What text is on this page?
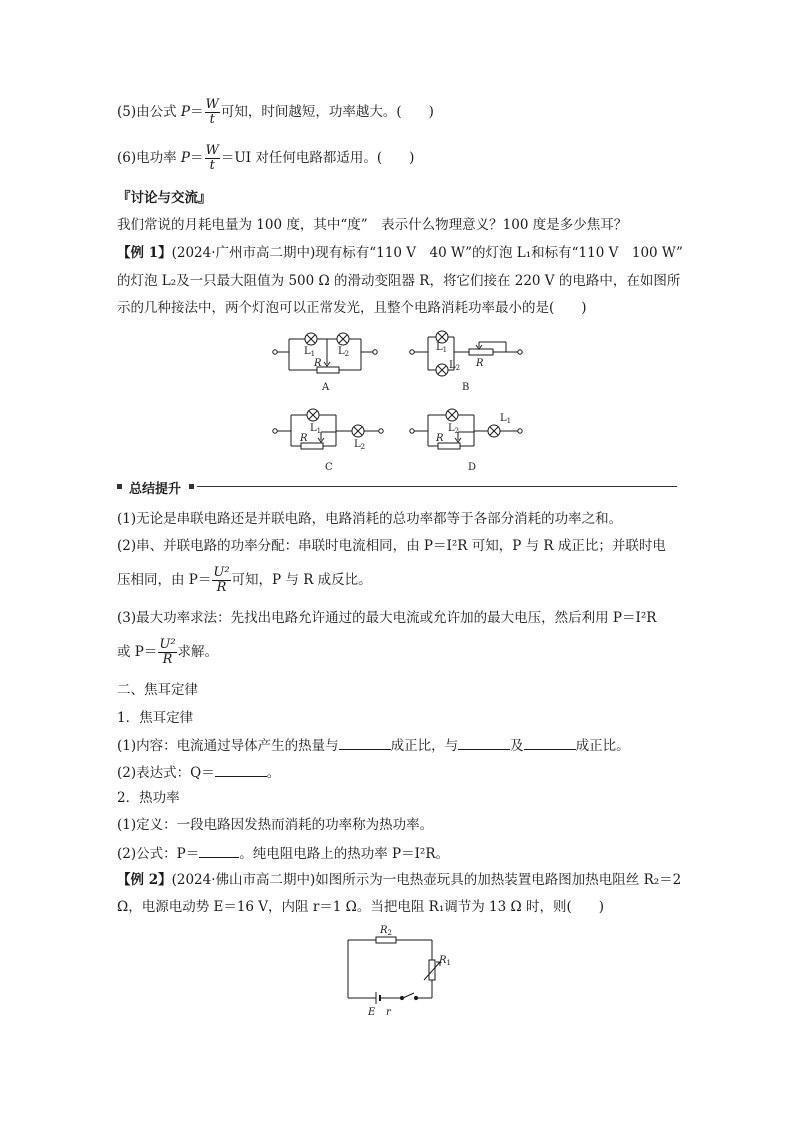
(5)由公式 $P= \frac{W}{t}$ 可知，时间越短，功率越大。(　　)
(6)电功率 $P= \frac{W}{t} =UI$ 对任何电路都适用。(　　)
『讨论与交流』
我们常说的月耗电量为 100 度，其中“度”　表示什么物理意义？100 度是多少焦耳？
【例 1】(2024·广州市高二期中)现有标有“110 V　40 W”的灯泡 L₁和标有“110 V　100 W”
的灯泡 L₂及一只最大阻值为 500 Ω 的滑动变阻器 R，将它们接在 220 V 的电路中，在如图所
示的几种接法中，两个灯泡可以正常发光，且整个电路消耗功率最小的是(　　)
$L_1$ $L_2$
R
A
$L_1$
$L_2$ R
B
$L_1$
R
$L_2$
C
$L_2$
R
$L_1$
D
总结提升
(1)无论是串联电路还是并联电路，电路消耗的总功率都等于各部分消耗的功率之和。
(2)串、并联电路的功率分配：串联时电流相同，由 P＝I²R 可知，P 与 R 成正比；并联时电
压相同，由 $P= \frac{\text{U²}}{R}$ 可知，P 与 R 成反比。
(3)最大功率求法：先找出电路允许通过的最大电流或允许加的最大电压，然后利用 P＝I²R
或 $P= \frac{\text{U²}}{R}$ 求解。
二、焦耳定律
1．焦耳定律
(1)内容：电流通过导体产生的热量与	成正比，与	及	成正比。
(2)表达式：Q＝	。
2．热功率
(1)定义：一段电路因发热而消耗的功率称为热功率。
(2)公式：P＝	。纯电阻电路上的热功率 P＝I²R。
【例 2】(2024·佛山市高二期中)如图所示为一电热壶玩具的加热装置电路图加热电阻丝 R₂＝2
Ω，电源电动势 E＝16 V，内阻 r＝1 Ω。当把电阻 R₁调节为 13 Ω 时，则(　　)
$R_2$
$R_1$
E r
